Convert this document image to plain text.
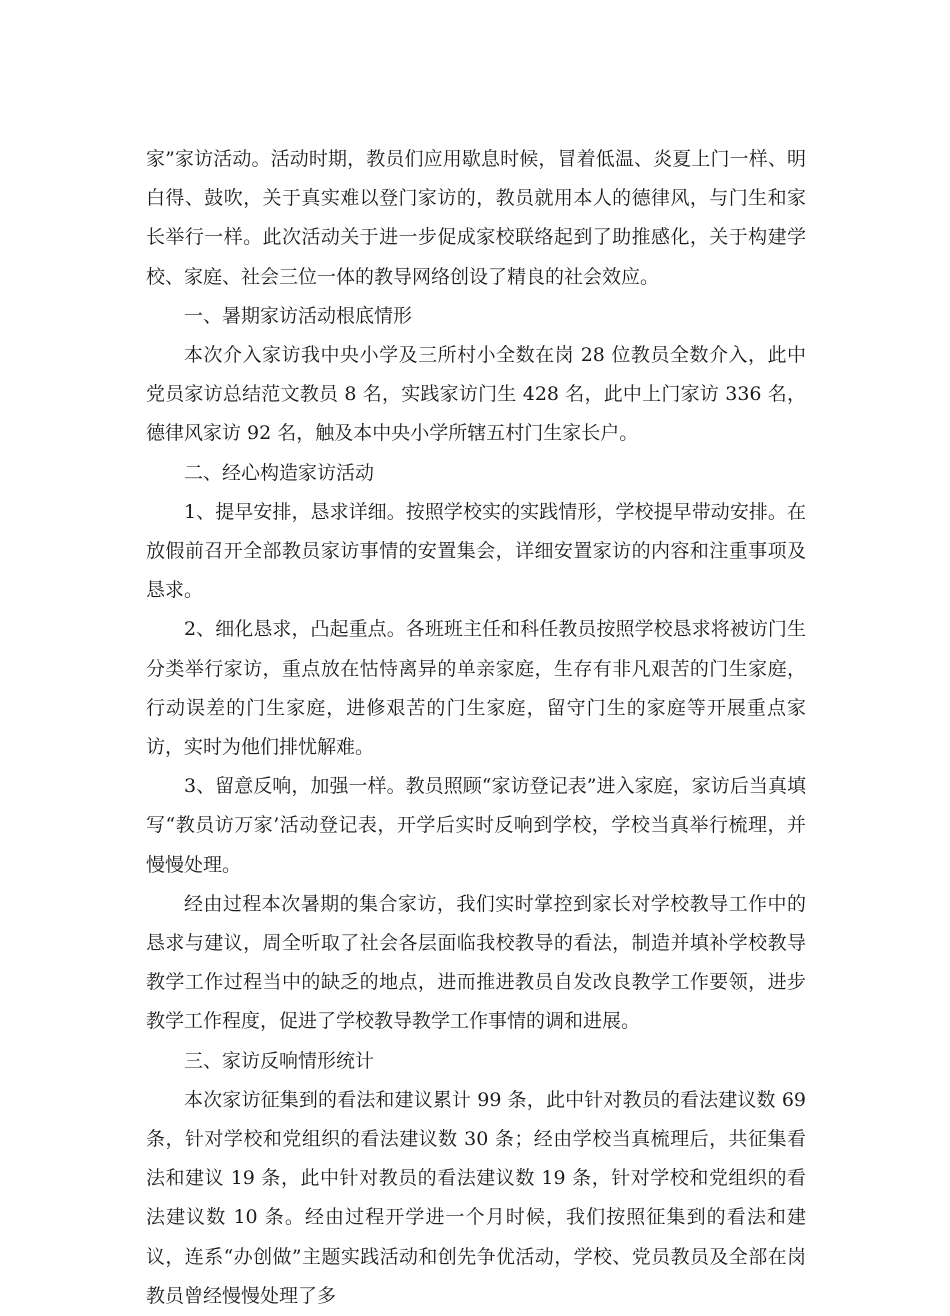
家”家访活动。活动时期，教员们应用歇息时候，冒着低温、炎夏上门一样、明白得、鼓吹，关于真实难以登门家访的，教员就用本人的德律风，与门生和家长举行一样。此次活动关于进一步促成家校联络起到了助推感化，关于构建学校、家庭、社会三位一体的教导网络创设了精良的社会效应。

一、暑期家访活动根底情形

本次介入家访我中央小学及三所村小全数在岗 28 位教员全数介入，此中党员家访总结范文教员 8 名，实践家访门生 428 名，此中上门家访 336 名，德律风家访 92 名，触及本中央小学所辖五村门生家长户。

二、经心构造家访活动

1、提早安排，恳求详细。按照学校实的实践情形，学校提早带动安排。在放假前召开全部教员家访事情的安置集会，详细安置家访的内容和注重事项及恳求。

2、细化恳求，凸起重点。各班班主任和科任教员按照学校恳求将被访门生分类举行家访，重点放在怙恃离异的单亲家庭，生存有非凡艰苦的门生家庭，行动误差的门生家庭，进修艰苦的门生家庭，留守门生的家庭等开展重点家访，实时为他们排忧解难。

3、留意反响，加强一样。教员照顾“家访登记表”进入家庭，家访后当真填写“教员访万家’活动登记表，开学后实时反响到学校，学校当真举行梳理，并慢慢处理。

经由过程本次暑期的集合家访，我们实时掌控到家长对学校教导工作中的恳求与建议，周全听取了社会各层面临我校教导的看法，制造并填补学校教导教学工作过程当中的缺乏的地点，进而推进教员自发改良教学工作要领，进步教学工作程度，促进了学校教导教学工作事情的调和进展。

三、家访反响情形统计

本次家访征集到的看法和建议累计 99 条，此中针对教员的看法建议数 69 条，针对学校和党组织的看法建议数 30 条；经由学校当真梳理后，共征集看法和建议 19 条，此中针对教员的看法建议数 19 条，针对学校和党组织的看法建议数 10 条。经由过程开学进一个月时候，我们按照征集到的看法和建议，连系“办创做”主题实践活动和创先争优活动，学校、党员教员及全部在岗教员曾经慢慢处理了多
